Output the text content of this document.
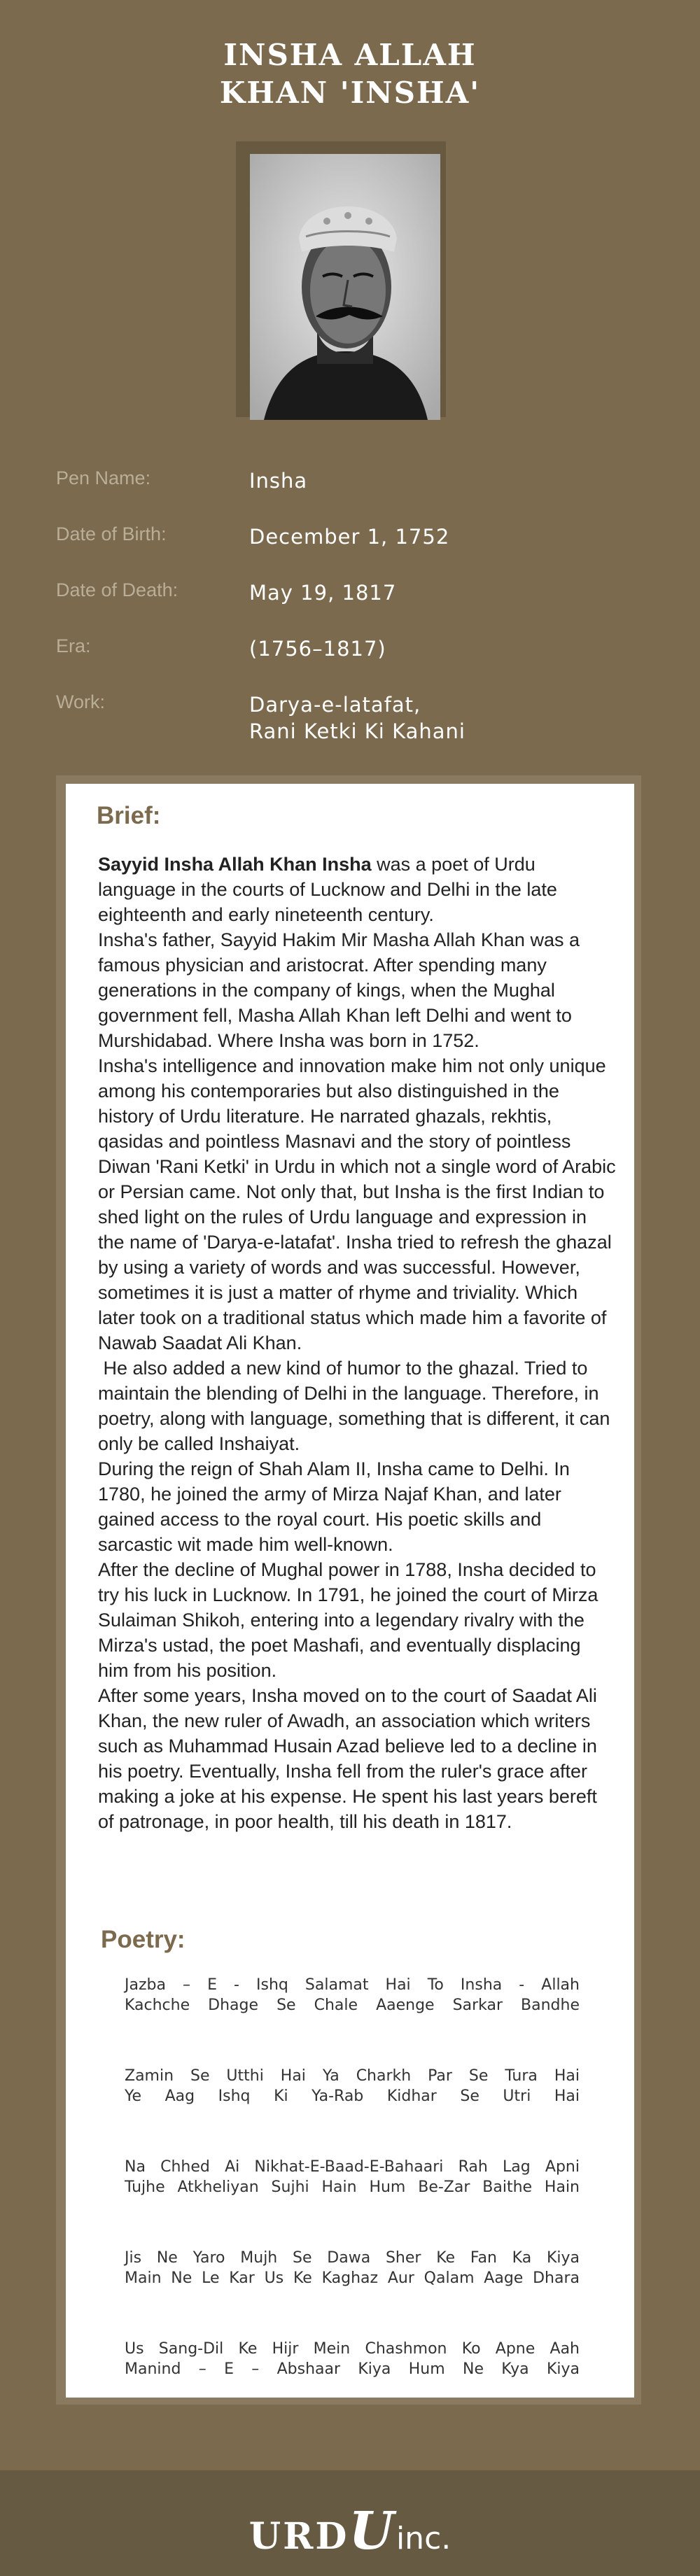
INSHA ALLAH
KHAN 'INSHA'
Pen Name:	Insha
Date of Birth:	December 1, 1752
Date of Death:	May 19, 1817
Era:	(1756–1817)
Work:	Darya-e-latafat,
Rani Ketki Ki Kahani
Brief:

Sayyid Insha Allah Khan Insha was a poet of Urdu language in the courts of Lucknow and Delhi in the late eighteenth and early nineteenth century.

Insha's father, Sayyid Hakim Mir Masha Allah Khan was a famous physician and aristocrat. After spending many generations in the company of kings, when the Mughal government fell, Masha Allah Khan left Delhi and went to Murshidabad. Where Insha was born in 1752.

Insha's intelligence and innovation make him not only unique among his contemporaries but also distinguished in the history of Urdu literature. He narrated ghazals, rekhtis, qasidas and pointless Masnavi and the story of pointless Diwan 'Rani Ketki' in Urdu in which not a single word of Arabic or Persian came. Not only that, but Insha is the first Indian to shed light on the rules of Urdu language and expression in the name of 'Darya-e-latafat'. Insha tried to refresh the ghazal by using a variety of words and was successful. However, sometimes it is just a matter of rhyme and triviality. Which later took on a traditional status which made him a favorite of Nawab Saadat Ali Khan.

He also added a new kind of humor to the ghazal. Tried to maintain the blending of Delhi in the language. Therefore, in poetry, along with language, something that is different, it can only be called Inshaiyat.

During the reign of Shah Alam II, Insha came to Delhi. In 1780, he joined the army of Mirza Najaf Khan, and later gained access to the royal court. His poetic skills and sarcastic wit made him well-known.

After the decline of Mughal power in 1788, Insha decided to try his luck in Lucknow. In 1791, he joined the court of Mirza Sulaiman Shikoh, entering into a legendary rivalry with the Mirza's ustad, the poet Mashafi, and eventually displacing him from his position.

After some years, Insha moved on to the court of Saadat Ali Khan, the new ruler of Awadh, an association which writers such as Muhammad Husain Azad believe led to a decline in his poetry. Eventually, Insha fell from the ruler's grace after making a joke at his expense. He spent his last years bereft of patronage, in poor health, till his death in 1817.

Poetry:

Jazba – E - Ishq Salamat Hai To Insha - Allah

Kachche Dhage Se Chale Aaenge Sarkar Bandhe

Zamin Se Utthi Hai Ya Charkh Par Se Tura Hai

Ye Aag Ishq Ki Ya-Rab Kidhar Se Utri Hai

Na Chhed Ai Nikhat-E-Baad-E-Bahaari Rah Lag Apni

Tujhe Atkheliyan Sujhi Hain Hum Be-Zar Baithe Hain

Jis Ne Yaro Mujh Se Dawa Sher Ke Fan Ka Kiya

Main Ne Le Kar Us Ke Kaghaz Aur Qalam Aage Dhara

Us Sang-Dil Ke Hijr Mein Chashmon Ko Apne Aah

Manind – E – Abshaar Kiya Hum Ne Kya Kiya

URDUinc.
